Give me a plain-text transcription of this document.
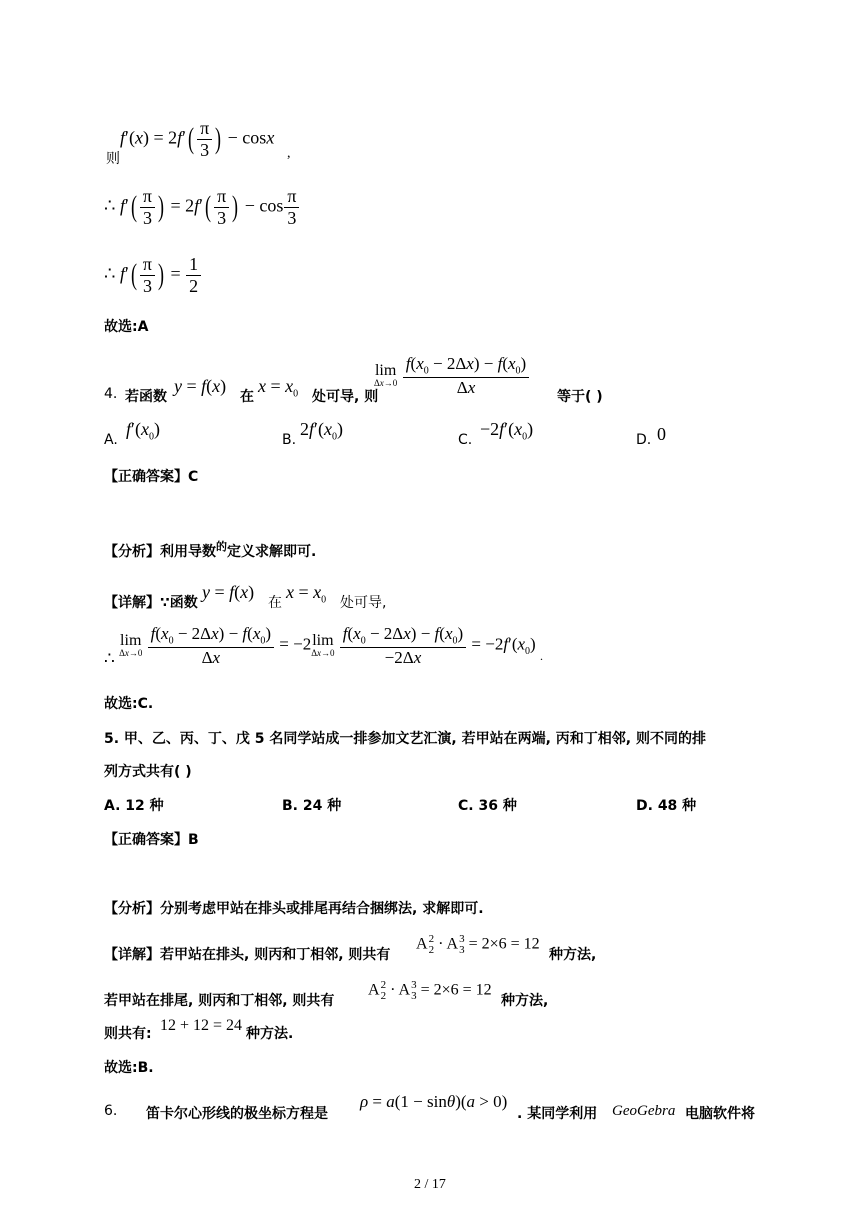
$f'(x) = 2f'( \frac{\pi}{3}$ ) − cosx
则	,
∴ $f'( \frac{\pi}{3}$ ) = $2f'( \frac{\pi}{3}$ ) − $\cos \frac{\pi}{3}$
∴ $f'( \frac{\pi}{3}$ ) = $\frac{1}{2}$
故选:A
lim
Δx→0
$\frac{f(x_0 - 2\Delta x) - f(x_0)}{\Delta x}$
4. 若函数
y = f(x)
在
$x = x_0$ 处可导, 则	等于( )
A.
$f'(x_0)$
B.
$2f'(x_0)$
C.
$-2f'(x_0)$
D. 0
【正确答案】C
【分析】利用导数$^的$定义求解即可.
【详解】∵函数
y = f(x)
在
$x = x_0$ 处可导,
∴
lim
Δx→0
$\frac{f(x_0 - 2\Delta x) - f(x_0)}{\Delta x} = -2$ lim
Δx→0
$\frac{f(x_0 - 2\Delta x) - f(x_0)}{-2\Delta x} = -2f'(x_0)$ $_.$
故选:C.
5. 甲、乙、丙、丁、戊 5 名同学站成一排参加文艺汇演, 若甲站在两端, 丙和丁相邻, 则不同的排
列方式共有( )
A. 12 种	B. 24 种	C. 36 种	D. 48 种
【正确答案】B
【分析】分别考虑甲站在排头或排尾再结合捆绑法, 求解即可.
【详解】若甲站在排头, 则丙和丁相邻, 则共有
A 2
2 · A 3
3 = 2×6 = 12
种方法,
若甲站在排尾, 则丙和丁相邻, 则共有
A 2
2 · A 3
3 = 2×6 = 12
种方法,
则共有: 12 + 12 = 24 种方法.
故选:B.
6. 笛卡尔心形线的极坐标方程是
ρ = a(1 − sinθ)(a > 0)
. 某同学利用 GeoGebra 电脑软件将
2 / 17
